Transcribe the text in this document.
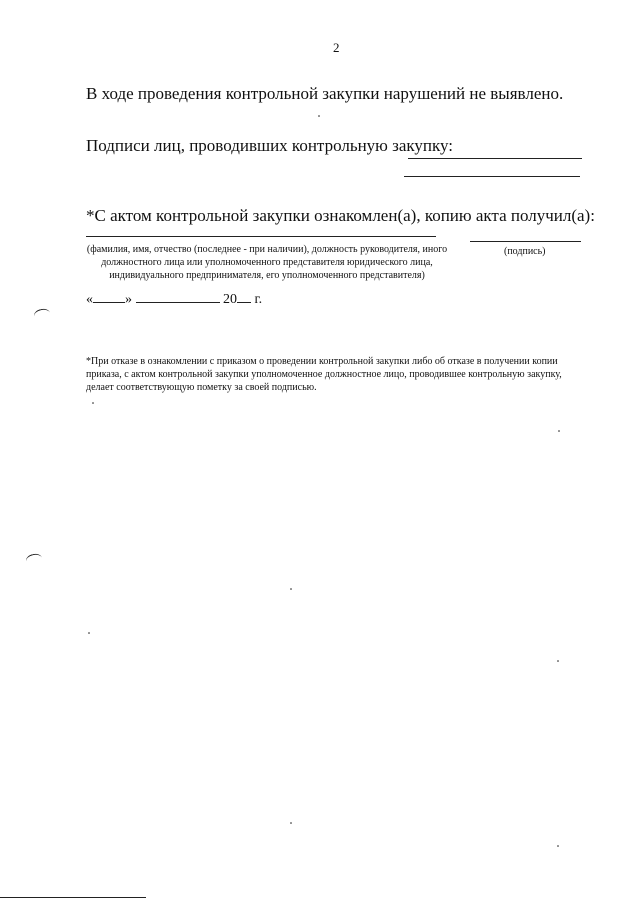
2
В ходе проведения контрольной закупки нарушений не выявлено.
Подписи лиц, проводивших контрольную закупку:
*С актом контрольной закупки ознакомлен(а), копию акта получил(а):
(фамилия, имя, отчество (последнее - при наличии), должность руководителя, иного должностного лица или уполномоченного представителя юридического лица, индивидуального предпринимателя, его уполномоченного представителя)
(подпись)
« »	20 г.
*При отказе в ознакомлении с приказом о проведении контрольной закупки либо об отказе в получении копии приказа, с актом контрольной закупки уполномоченное должностное лицо, проводившее контрольную закупку, делает соответствующую пометку за своей подписью.
